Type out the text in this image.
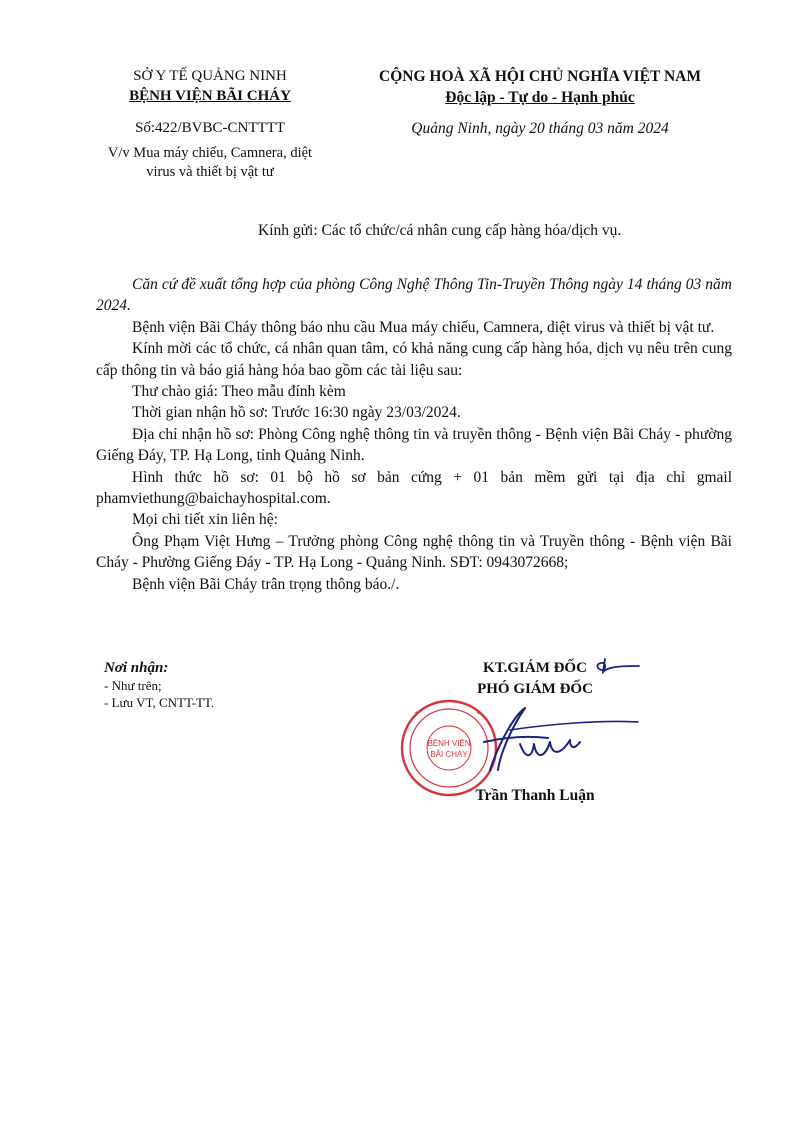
SỞ Y TẾ QUẢNG NINH
BỆNH VIỆN BÃI CHÁY
Số:422/BVBC-CNTTTT
V/v Mua máy chiếu, Camnera, diệt
virus và thiết bị vật tư
CỘNG HOÀ XÃ HỘI CHỦ NGHĨA VIỆT NAM
Độc lập - Tự do - Hạnh phúc
Quảng Ninh, ngày 20 tháng 03 năm 2024
Kính gửi: Các tổ chức/cá nhân cung cấp hàng hóa/dịch vụ.

Căn cứ đề xuất tổng hợp của phòng Công Nghệ Thông Tin-Truyền Thông ngày 14 tháng 03 năm 2024.

Bệnh viện Bãi Cháy thông báo nhu cầu Mua máy chiếu, Camnera, diệt virus và thiết bị vật tư.

Kính mời các tổ chức, cá nhân quan tâm, có khả năng cung cấp hàng hóa, dịch vụ nêu trên cung cấp thông tin và báo giá hàng hóa bao gồm các tài liệu sau:

Thư chào giá: Theo mẫu đính kèm

Thời gian nhận hồ sơ: Trước 16:30 ngày 23/03/2024.

Địa chỉ nhận hồ sơ: Phòng Công nghệ thông tin và truyền thông - Bệnh viện Bãi Cháy - phường Giếng Đáy, TP. Hạ Long, tỉnh Quảng Ninh.

Hình thức hồ sơ: 01 bộ hồ sơ bản cứng + 01 bản mềm gửi tại địa chỉ gmail phamviethung@baichayhospital.com.

Mọi chi tiết xin liên hệ:

Ông Phạm Việt Hưng – Trưởng phòng Công nghệ thông tin và Truyền thông - Bệnh viện Bãi Cháy - Phường Giếng Đáy - TP. Hạ Long - Quảng Ninh. SĐT: 0943072668;

Bệnh viện Bãi Cháy trân trọng thông báo./.

Nơi nhận:
- Như trên;
- Lưu VT, CNTT-TT.
KT.GIÁM ĐỐC
PHÓ GIÁM ĐỐC
BỆNH VIỆN
BÃI CHÁY
✦	✦
Trần Thanh Luận
